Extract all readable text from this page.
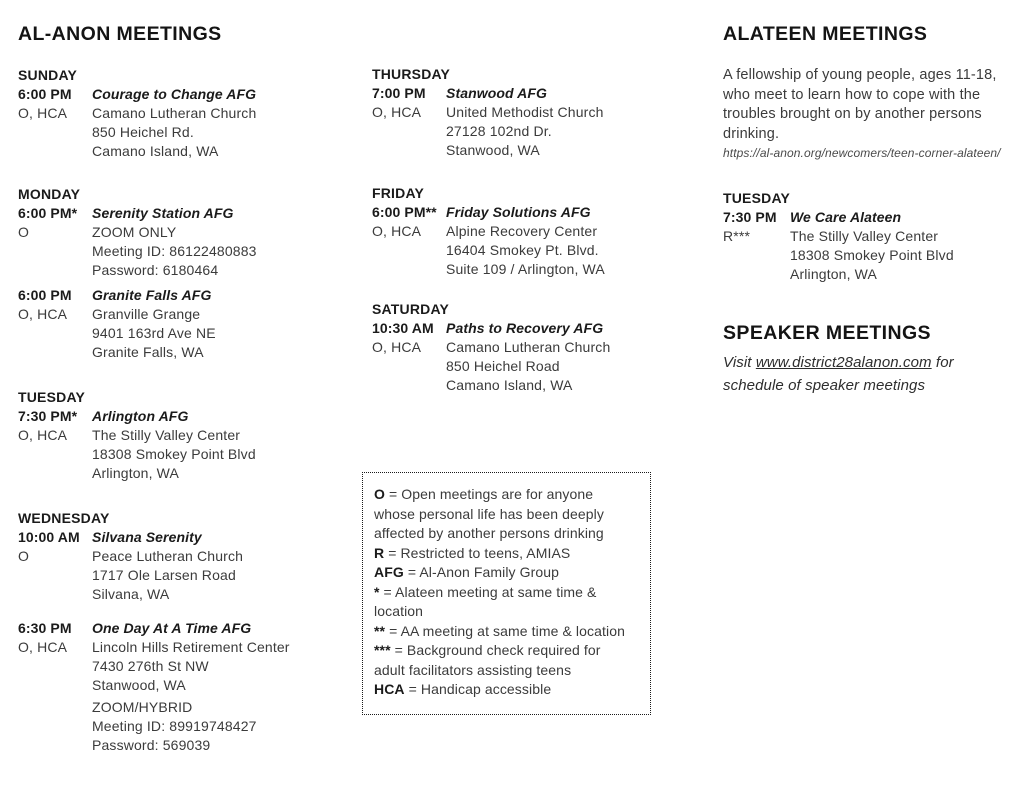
AL-ANON MEETINGS
SUNDAY
6:00 PM
O, HCA
Courage to Change AFG
Camano Lutheran Church
850 Heichel Rd.
Camano Island, WA
MONDAY
6:00 PM*
O
Serenity Station AFG
ZOOM ONLY
Meeting ID: 86122480883
Password: 6180464
6:00 PM
O, HCA
Granite Falls AFG
Granville Grange
9401 163rd Ave NE
Granite Falls, WA
TUESDAY
7:30 PM*
O, HCA
Arlington AFG
The Stilly Valley Center
18308 Smokey Point Blvd
Arlington, WA
WEDNESDAY
10:00 AM
O
Silvana Serenity
Peace Lutheran Church
1717 Ole Larsen Road
Silvana, WA
6:30 PM
O, HCA
One Day At A Time AFG
Lincoln Hills Retirement Center
7430 276th St NW
Stanwood, WA
ZOOM/HYBRID
Meeting ID: 89919748427
Password: 569039
THURSDAY
7:00 PM
O, HCA
Stanwood AFG
United Methodist Church
27128 102nd Dr.
Stanwood, WA
FRIDAY
6:00 PM**
O, HCA
Friday Solutions AFG
Alpine Recovery Center
16404 Smokey Pt. Blvd.
Suite 109 / Arlington, WA
SATURDAY
10:30 AM
O, HCA
Paths to Recovery AFG
Camano Lutheran Church
850 Heichel Road
Camano Island, WA
O = Open meetings are for anyone
whose personal life has been deeply
affected by another persons drinking
R = Restricted to teens, AMIAS
AFG = Al-Anon Family Group
* = Alateen meeting at same time &
location
** = AA meeting at same time & location
*** = Background check required for
adult facilitators assisting teens
HCA = Handicap accessible
ALATEEN MEETINGS

A fellowship of young people, ages 11-18,
who meet to learn how to cope with the
troubles brought on by another persons
drinking.

https://al-anon.org/newcomers/teen-corner-alateen/
TUESDAY
7:30 PM
R***
We Care Alateen
The Stilly Valley Center
18308 Smokey Point Blvd
Arlington, WA
SPEAKER MEETINGS

Visit www.district28alanon.com for
schedule of speaker meetings
